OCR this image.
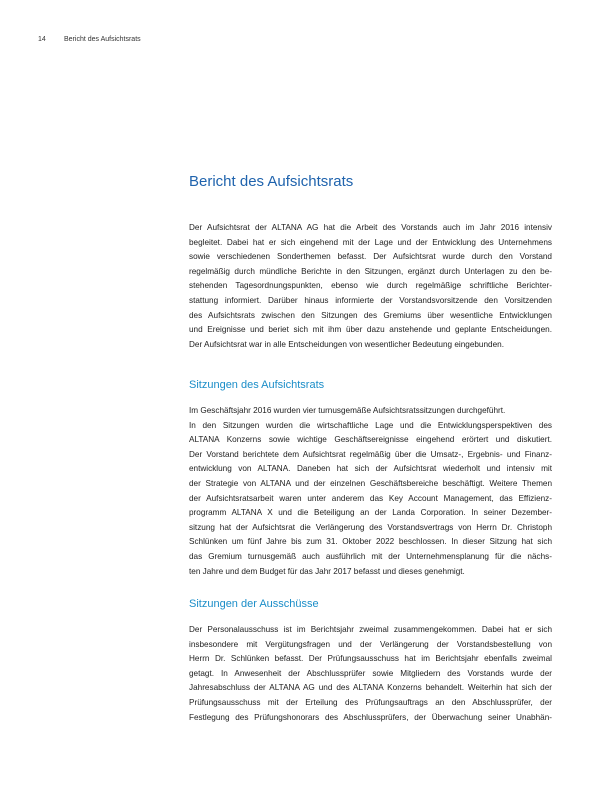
14	Bericht des Aufsichtsrats
Bericht des Aufsichtsrats

Der Aufsichtsrat der ALTANA AG hat die Arbeit des Vorstands auch im Jahr 2016 intensiv
begleitet. Dabei hat er sich eingehend mit der Lage und der Entwicklung des Unternehmens
sowie verschiedenen Sonderthemen befasst. Der Aufsichtsrat wurde durch den Vorstand
regelmäßig durch mündliche Berichte in den Sitzungen, ergänzt durch Unterlagen zu den be-
stehenden Tagesordnungspunkten, ebenso wie durch regelmäßige schriftliche Berichter-
stattung informiert. Darüber hinaus informierte der Vorstandsvorsitzende den Vorsitzenden
des Aufsichtsrats zwischen den Sitzungen des Gremiums über wesentliche Entwicklungen
und Ereignisse und beriet sich mit ihm über dazu anstehende und geplante Entscheidungen.
Der Aufsichtsrat war in alle Entscheidungen von wesentlicher Bedeutung eingebunden.

Sitzungen des Aufsichtsrats

Im Geschäftsjahr 2016 wurden vier turnusgemäße Aufsichtsratssitzungen durchgeführt.
In den Sitzungen wurden die wirtschaftliche Lage und die Entwicklungsperspektiven des
ALTANA Konzerns sowie wichtige Geschäftsereignisse eingehend erörtert und diskutiert.
Der Vorstand berichtete dem Aufsichtsrat regelmäßig über die Umsatz-, Ergebnis- und Finanz-
entwicklung von ALTANA. Daneben hat sich der Aufsichtsrat wiederholt und intensiv mit
der Strategie von ALTANA und der einzelnen Geschäftsbereiche beschäftigt. Weitere Themen
der Aufsichtsratsarbeit waren unter anderem das Key Account Management, das Effizienz-
programm ALTANA X und die Beteiligung an der Landa Corporation. In seiner Dezember-
sitzung hat der Aufsichtsrat die Verlängerung des Vorstandsvertrags von Herrn Dr. Christoph
Schlünken um fünf Jahre bis zum 31. Oktober 2022 beschlossen. In dieser Sitzung hat sich
das Gremium turnusgemäß auch ausführlich mit der Unternehmensplanung für die nächs-
ten Jahre und dem Budget für das Jahr 2017 befasst und dieses genehmigt.

Sitzungen der Ausschüsse

Der Personalausschuss ist im Berichtsjahr zweimal zusammengekommen. Dabei hat er sich
insbesondere mit Vergütungsfragen und der Verlängerung der Vorstandsbestellung von
Herrn Dr. Schlünken befasst. Der Prüfungsausschuss hat im Berichtsjahr ebenfalls zweimal
getagt. In Anwesenheit der Abschlussprüfer sowie Mitgliedern des Vorstands wurde der
Jahresabschluss der ALTANA AG und des ALTANA Konzerns behandelt. Weiterhin hat sich der
Prüfungsausschuss mit der Erteilung des Prüfungsauftrags an den Abschlussprüfer, der
Festlegung des Prüfungshonorars des Abschlussprüfers, der Überwachung seiner Unabhän-
